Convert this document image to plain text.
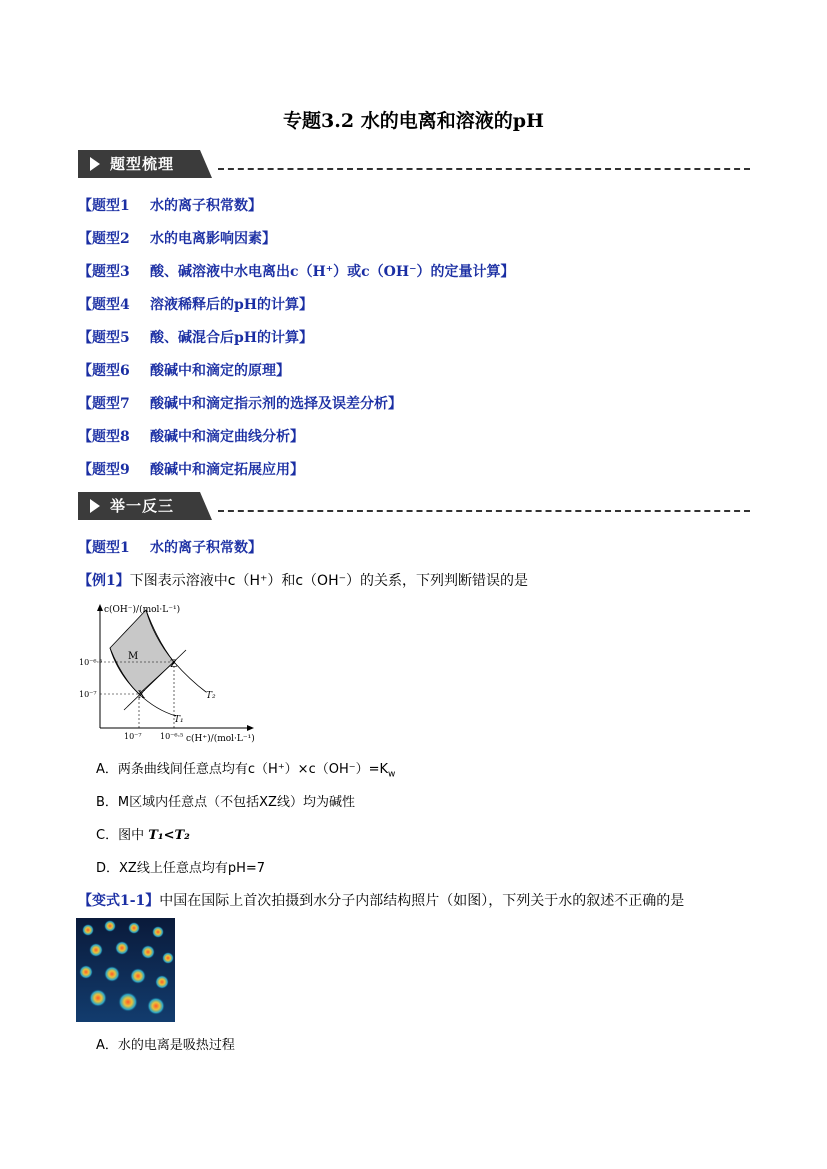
专题3.2 水的电离和溶液的pH
题型梳理
【题型1 水的离子积常数】
【题型2 水的电离影响因素】
【题型3 酸、碱溶液中水电离出c（H⁺）或c（OH⁻）的定量计算】
【题型4 溶液稀释后的pH的计算】
【题型5 酸、碱混合后pH的计算】
【题型6 酸碱中和滴定的原理】
【题型7 酸碱中和滴定指示剂的选择及误差分析】
【题型8 酸碱中和滴定曲线分析】
【题型9 酸碱中和滴定拓展应用】
举一反三
【题型1 水的离子积常数】
【例1】下图表示溶液中c（H⁺）和c（OH⁻）的关系，下列判断错误的是
c(OH⁻)/(mol·L⁻¹)
c(H⁺)/(mol·L⁻¹)
10⁻⁶·⁵
10⁻⁷
10⁻⁷ 10⁻⁶·⁵
M
X
Z
T₁
T₂
A．两条曲线间任意点均有$c(H^+)\times c(OH^-)=K_w$
B．M区域内任意点（不包括XZ线）均为碱性
C．图中 T₁<T₂
D．XZ线上任意点均有pH=7
【变式1-1】中国在国际上首次拍摄到水分子内部结构照片（如图），下列关于水的叙述不正确的是
A．水的电离是吸热过程
